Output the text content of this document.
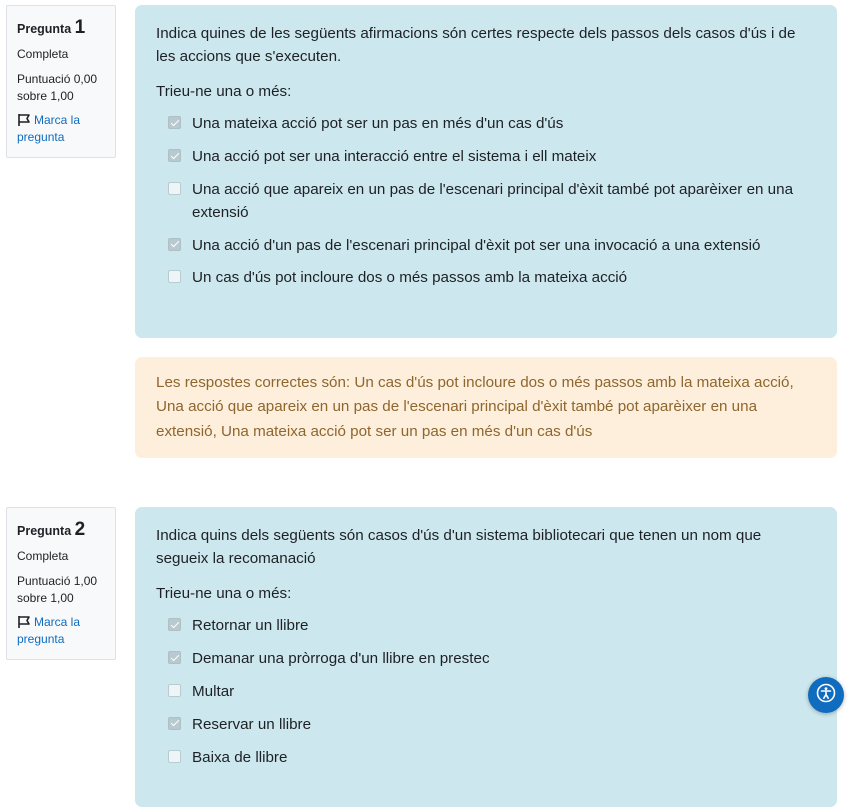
Pregunta 1
Completa
Puntuació 0,00 sobre 1,00
Marca la pregunta

Indica quines de les següents afirmacions són certes respecte dels passos dels casos d'ús i de les accions que s'executen.

Trieu-ne una o més:

Una mateixa acció pot ser un pas en més d'un cas d'ús
Una acció pot ser una interacció entre el sistema i ell mateix
Una acció que apareix en un pas de l'escenari principal d'èxit també pot aparèixer en una extensió
Una acció d'un pas de l'escenari principal d'èxit pot ser una invocació a una extensió
Un cas d'ús pot incloure dos o més passos amb la mateixa acció
Les respostes correctes són: Un cas d'ús pot incloure dos o més passos amb la mateixa acció, Una acció que apareix en un pas de l'escenari principal d'èxit també pot aparèixer en una extensió, Una mateixa acció pot ser un pas en més d'un cas d'ús
Pregunta 2
Completa
Puntuació 1,00 sobre 1,00
Marca la pregunta

Indica quins dels següents són casos d'ús d'un sistema bibliotecari que tenen un nom que segueix la recomanació

Trieu-ne una o més:

Retornar un llibre
Demanar una pròrroga d'un llibre en prestec
Multar
Reservar un llibre
Baixa de llibre
